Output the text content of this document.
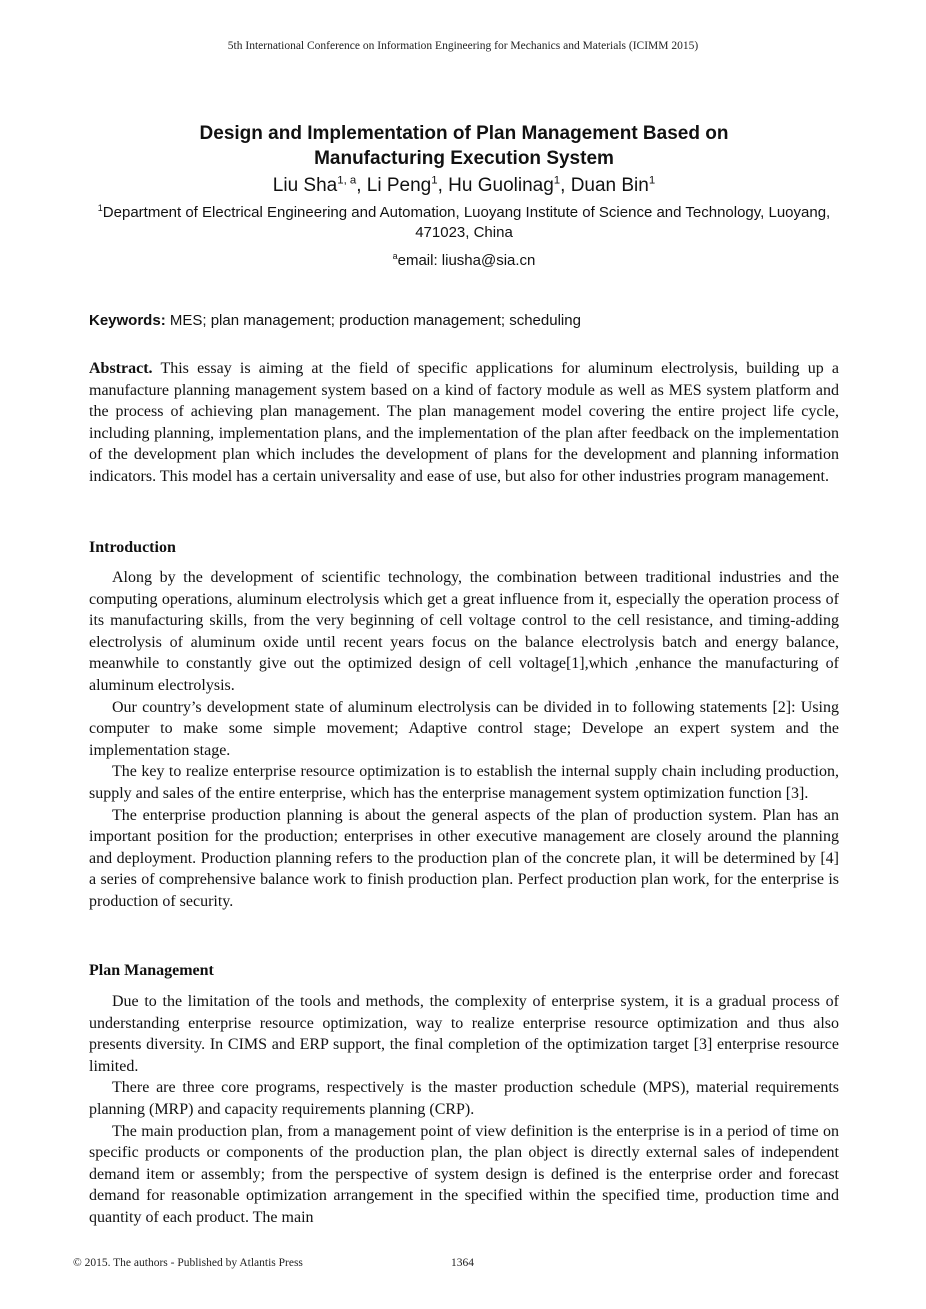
5th International Conference on Information Engineering for Mechanics and Materials (ICIMM 2015)
Design and Implementation of Plan Management Based on
Manufacturing Execution System
Liu Sha$^{1, a}$, Li Peng$^1$, Hu Guolinag$^1$, Duan Bin$^1$
$^1$Department of Electrical Engineering and Automation, Luoyang Institute of Science and Technology, Luoyang, 471023, China
$^a$email: liusha@sia.cn
Keywords: MES; plan management; production management; scheduling

Abstract. This essay is aiming at the field of specific applications for aluminum electrolysis, building up a manufacture planning management system based on a kind of factory module as well as MES system platform and the process of achieving plan management. The plan management model covering the entire project life cycle, including planning, implementation plans, and the implementation of the plan after feedback on the implementation of the development plan which includes the development of plans for the development and planning information indicators. This model has a certain universality and ease of use, but also for other industries program management.

Introduction

Along by the development of scientific technology, the combination between traditional industries and the computing operations, aluminum electrolysis which get a great influence from it, especially the operation process of its manufacturing skills, from the very beginning of cell voltage control to the cell resistance, and timing-adding electrolysis of aluminum oxide until recent years focus on the balance electrolysis batch and energy balance, meanwhile to constantly give out the optimized design of cell voltage[1],which ,enhance the manufacturing of aluminum electrolysis.

Our country’s development state of aluminum electrolysis can be divided in to following statements [2]: Using computer to make some simple movement; Adaptive control stage; Develope an expert system and the implementation stage.

The key to realize enterprise resource optimization is to establish the internal supply chain including production, supply and sales of the entire enterprise, which has the enterprise management system optimization function [3].

The enterprise production planning is about the general aspects of the plan of production system. Plan has an important position for the production; enterprises in other executive management are closely around the planning and deployment. Production planning refers to the production plan of the concrete plan, it will be determined by [4] a series of comprehensive balance work to finish production plan. Perfect production plan work, for the enterprise is production of security.

Plan Management

Due to the limitation of the tools and methods, the complexity of enterprise system, it is a gradual process of understanding enterprise resource optimization, way to realize enterprise resource optimization and thus also presents diversity. In CIMS and ERP support, the final completion of the optimization target [3] enterprise resource limited.

There are three core programs, respectively is the master production schedule (MPS), material requirements planning (MRP) and capacity requirements planning (CRP).

The main production plan, from a management point of view definition is the enterprise is in a period of time on specific products or components of the production plan, the plan object is directly external sales of independent demand item or assembly; from the perspective of system design is defined is the enterprise order and forecast demand for reasonable optimization arrangement in the specified within the specified time, production time and quantity of each product. The main

© 2015. The authors - Published by Atlantis Press	1364
